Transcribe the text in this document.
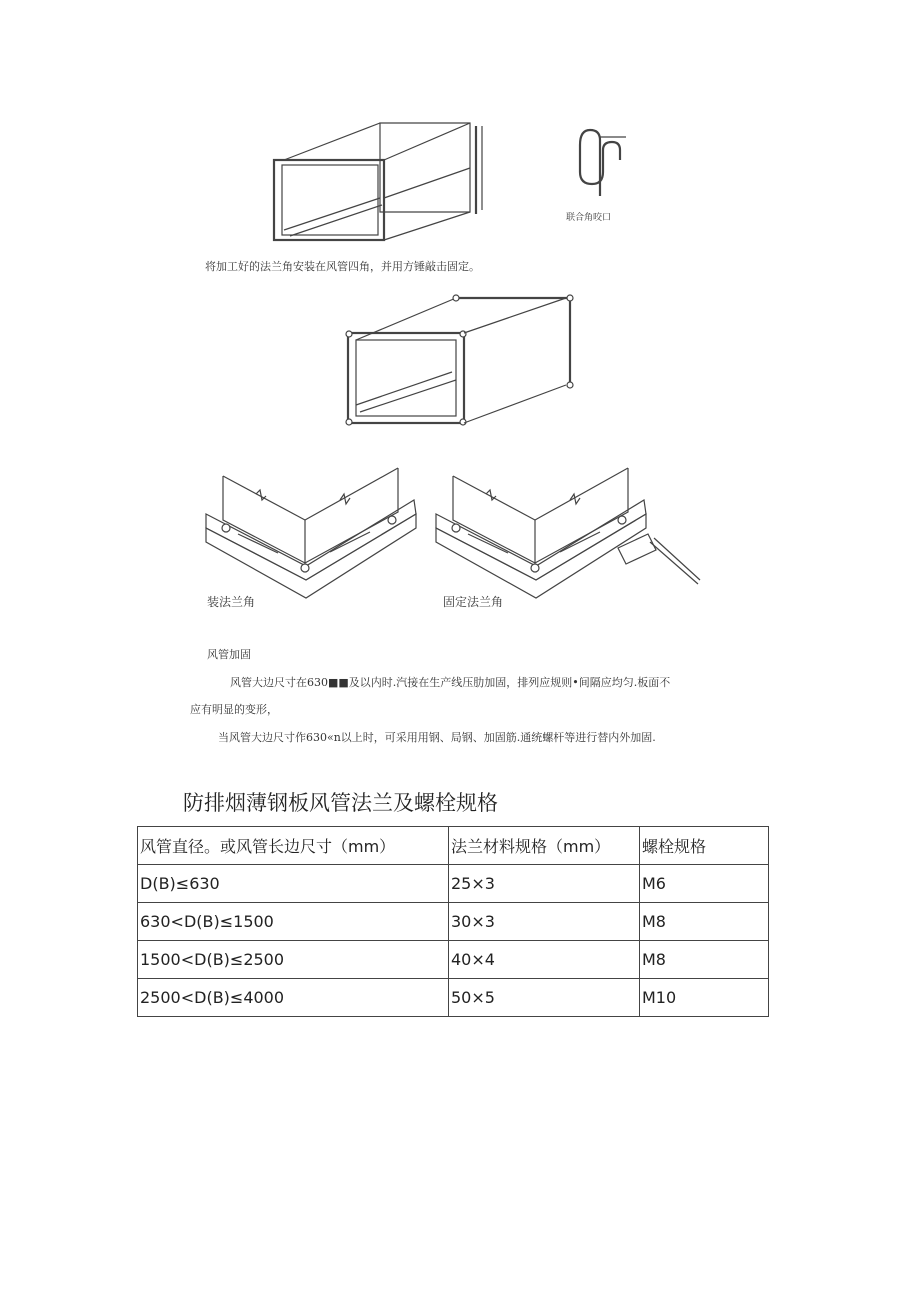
将加工好的法兰角安装在风管四角，并用方锤敲击固定。
联合角咬口
装法兰角	固定法兰角
风管加固
风管大边尺寸在630■■及以内时.汽接在生产线压肋加固，排列应规则•间隔应均匀.板面不
应有明显的变形，
当风管大边尺寸作630«n以上时，可采用用钢、局钢、加固筋.通统螺杆等进行替内外加固.
防排烟薄钢板风管法兰及螺栓规格
风管直径。或风管长边尺寸（mm）	法兰材料规格（mm）	螺栓规格
D(B)≤630	25×3	M6
630<D(B)≤1500	30×3	M8
1500<D(B)≤2500	40×4	M8
2500<D(B)≤4000	50×5	M10
